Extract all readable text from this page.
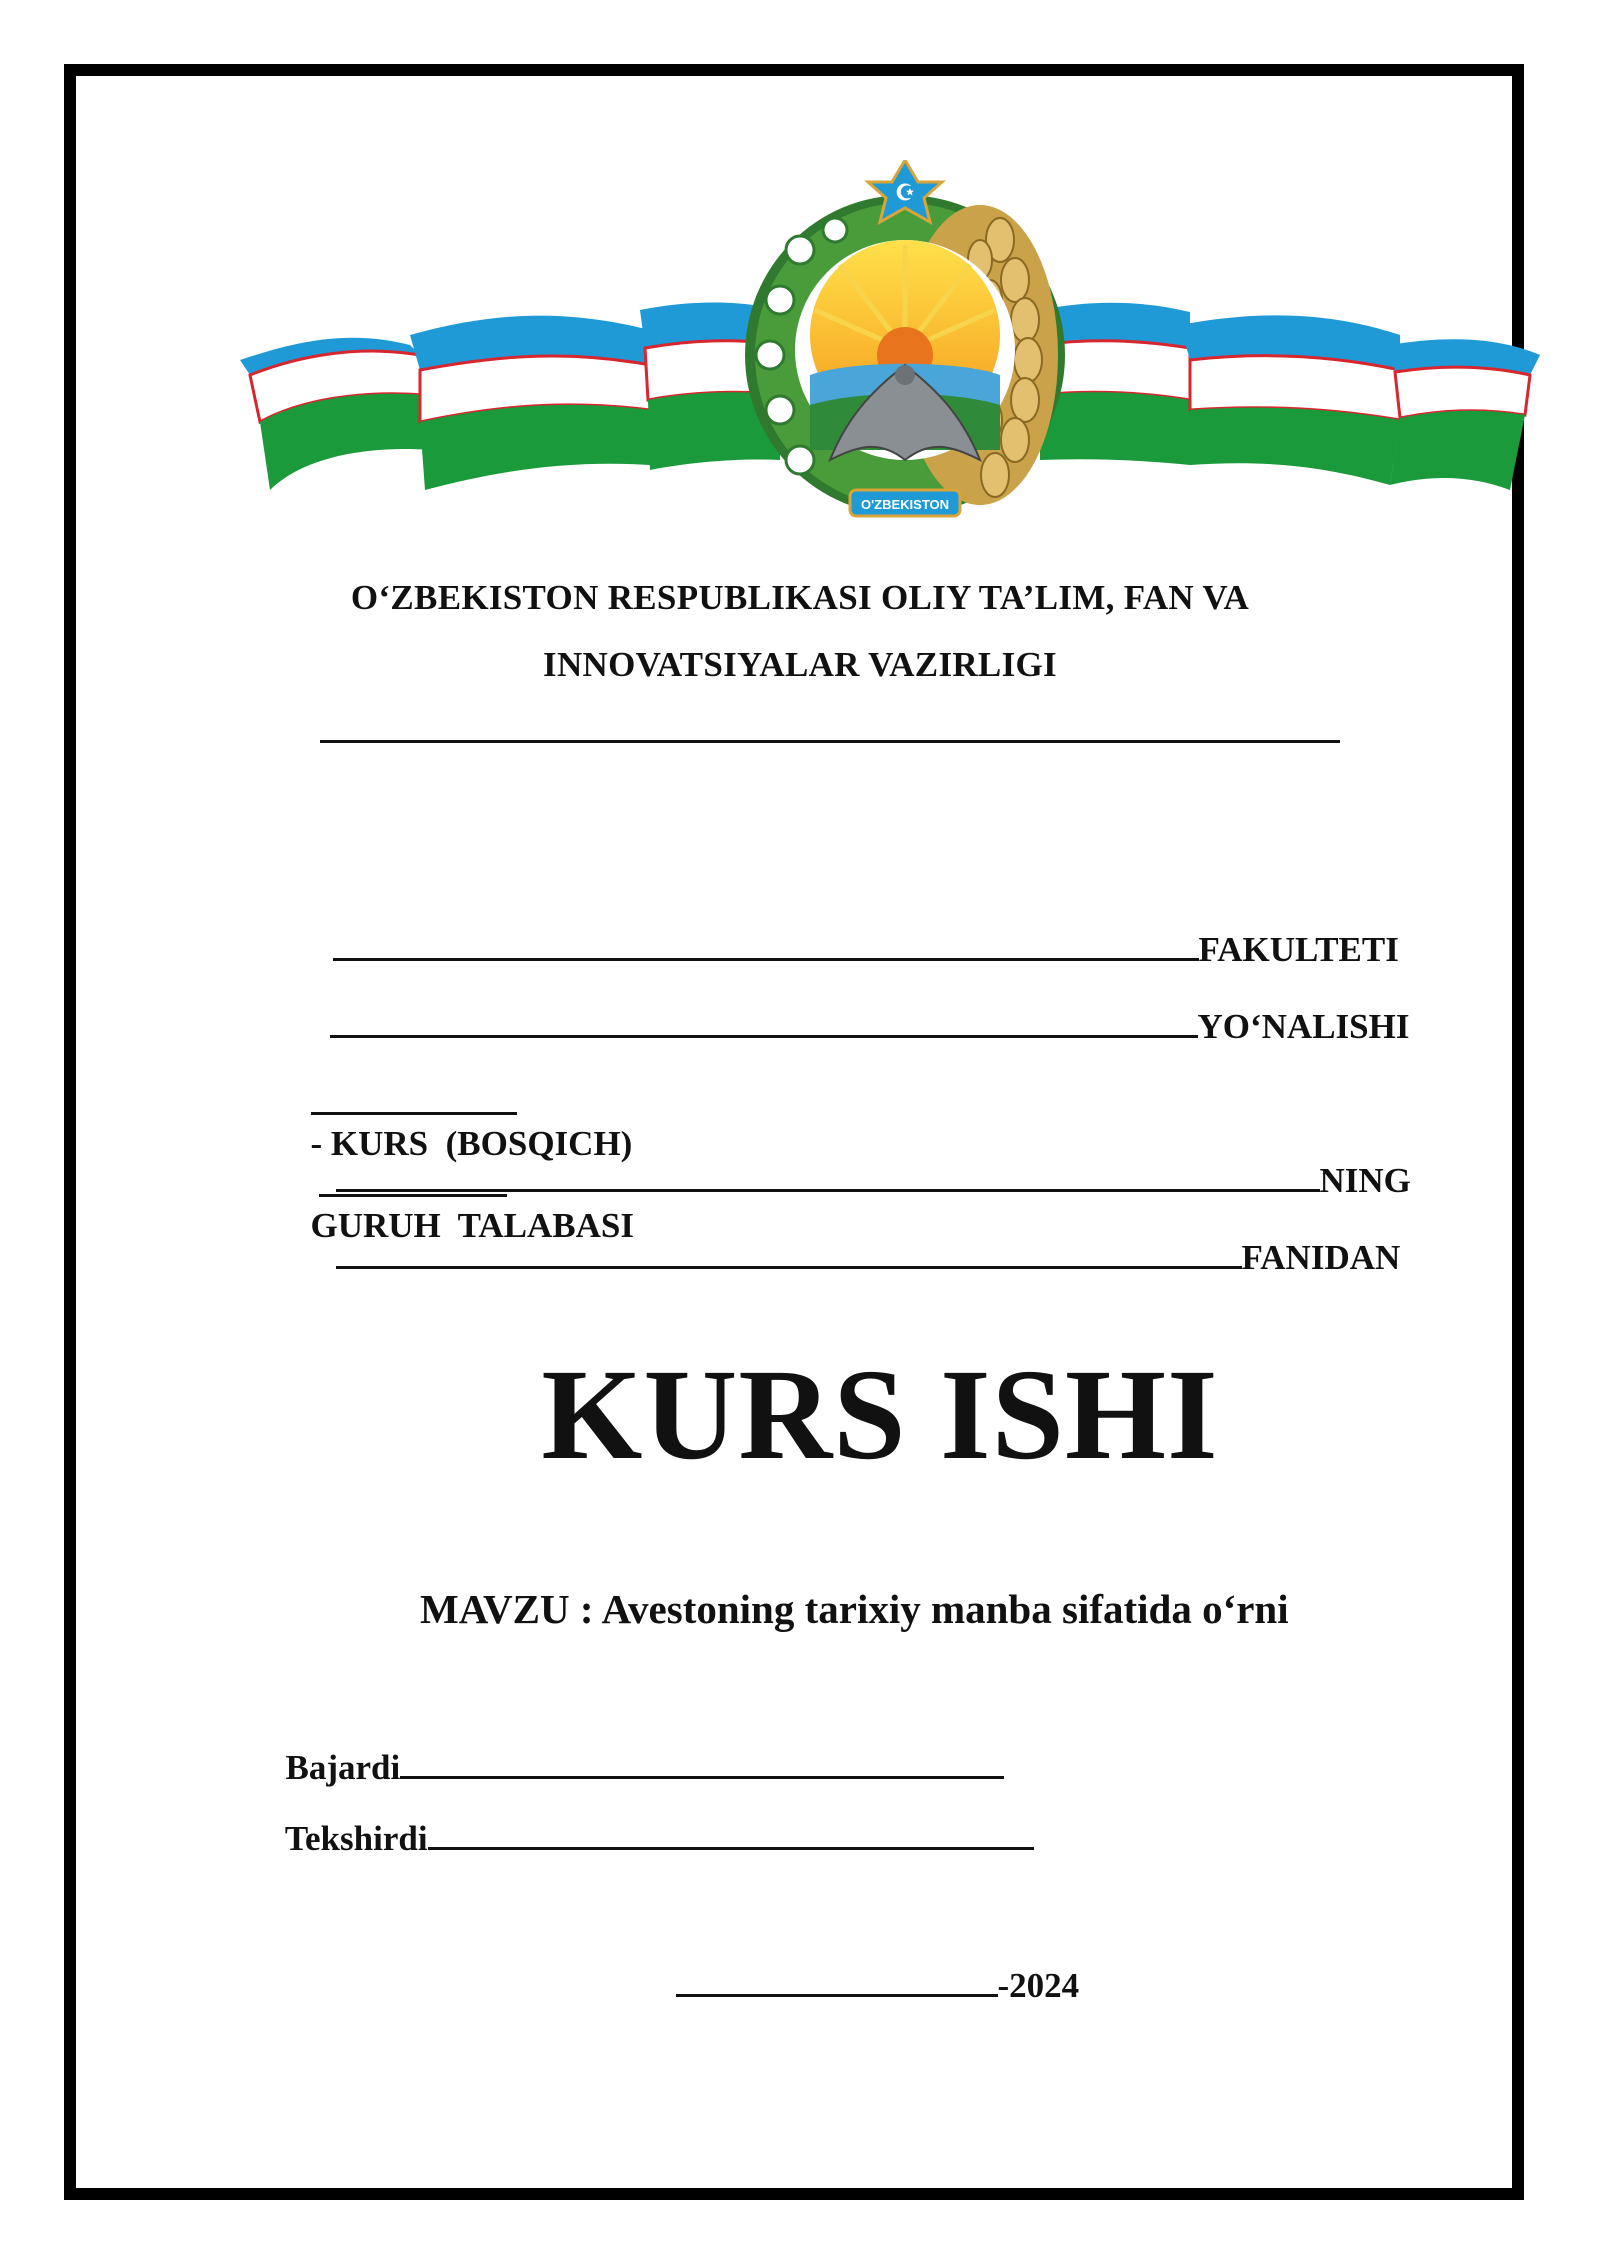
☪
O'ZBEKISTON
O‘ZBEKISTON RESPUBLIKASI OLIY TA’LIM, FAN VA
INNOVATSIYALAR VAZIRLIGI

FAKULTETI

YO‘NALISHI

- KURS  (BOSQICH)

GURUH  TALABASI

NING

FANIDAN

KURS ISHI
MAVZU : Avestoning tarixiy manba sifatida o‘rni

Bajardi

Tekshirdi

-2024
